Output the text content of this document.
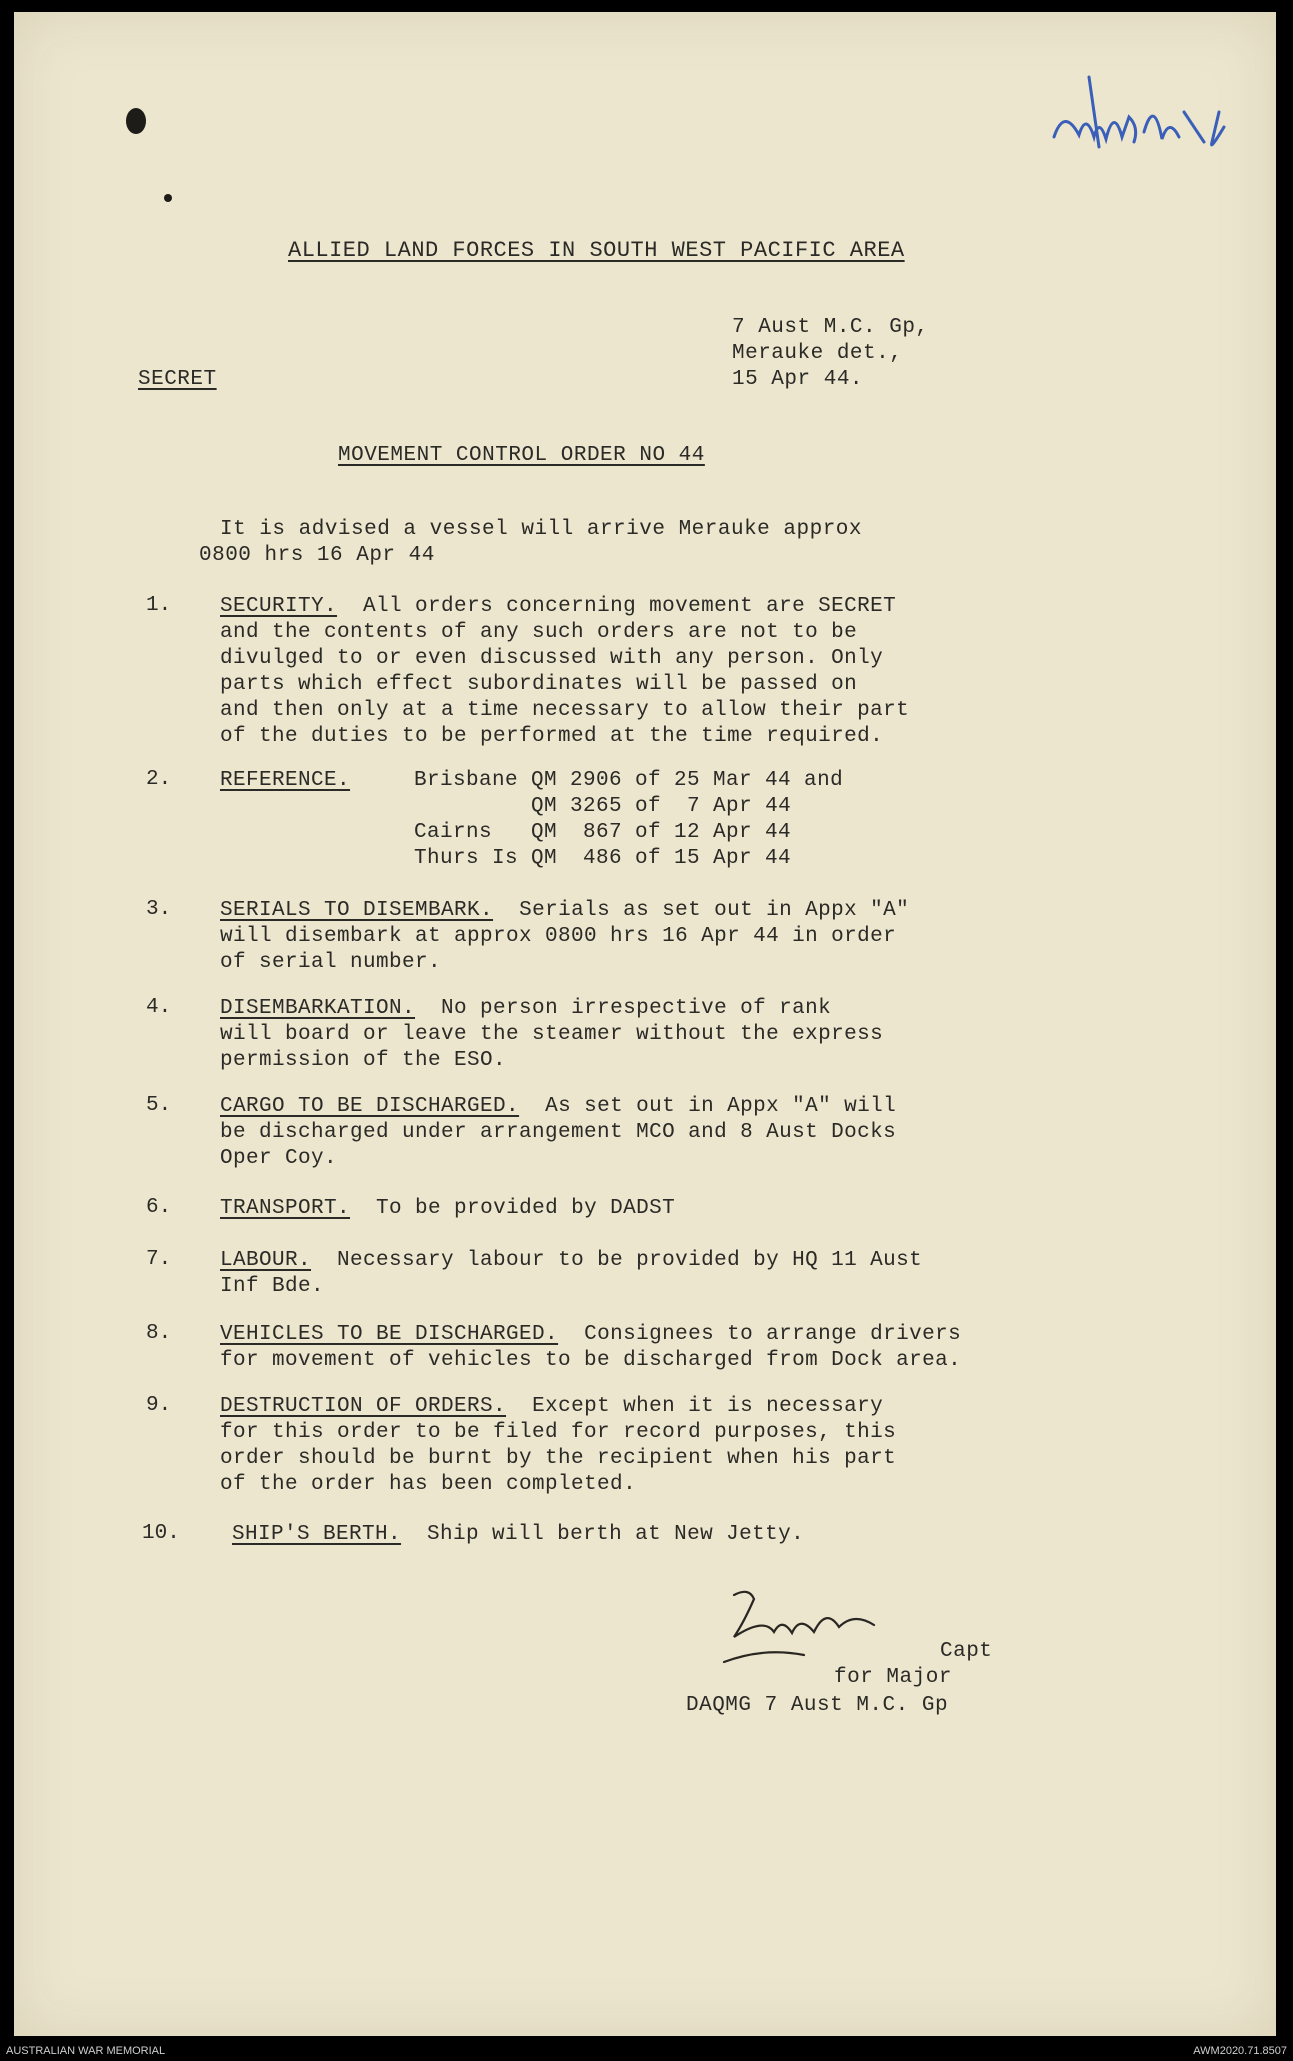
ALLIED LAND FORCES IN SOUTH WEST PACIFIC AREA
7 Aust M.C. Gp,
Merauke det.,
15 Apr 44.
SECRET
MOVEMENT CONTROL ORDER NO 44
It is advised a vessel will arrive Merauke approx
0800 hrs 16 Apr 44
1. SECURITY. All orders concerning movement are SECRET
and the contents of any such orders are not to be
divulged to or even discussed with any person. Only
parts which effect subordinates will be passed on
and then only at a time necessary to allow their part
of the duties to be performed at the time required.
2. REFERENCE.	Brisbane QM 2906 of 25 Mar 44 and
QM 3265 of  7 Apr 44
Cairns   QM  867 of 12 Apr 44
Thurs Is QM  486 of 15 Apr 44
3. SERIALS TO DISEMBARK. Serials as set out in Appx "A"
will disembark at approx 0800 hrs 16 Apr 44 in order
of serial number.
4. DISEMBARKATION. No person irrespective of rank
will board or leave the steamer without the express
permission of the ESO.
5. CARGO TO BE DISCHARGED. As set out in Appx "A" will
be discharged under arrangement MCO and 8 Aust Docks
Oper Coy.
6. TRANSPORT. To be provided by DADST
7. LABOUR. Necessary labour to be provided by HQ 11 Aust
Inf Bde.
8. VEHICLES TO BE DISCHARGED. Consignees to arrange drivers
for movement of vehicles to be discharged from Dock area.
9. DESTRUCTION OF ORDERS. Except when it is necessary
for this order to be filed for record purposes, this
order should be burnt by the recipient when his part
of the order has been completed.
10. SHIP'S BERTH. Ship will berth at New Jetty.
Capt
for Major
DAQMG 7 Aust M.C. Gp
AUSTRALIAN WAR MEMORIAL	AWM2020.71.8507
